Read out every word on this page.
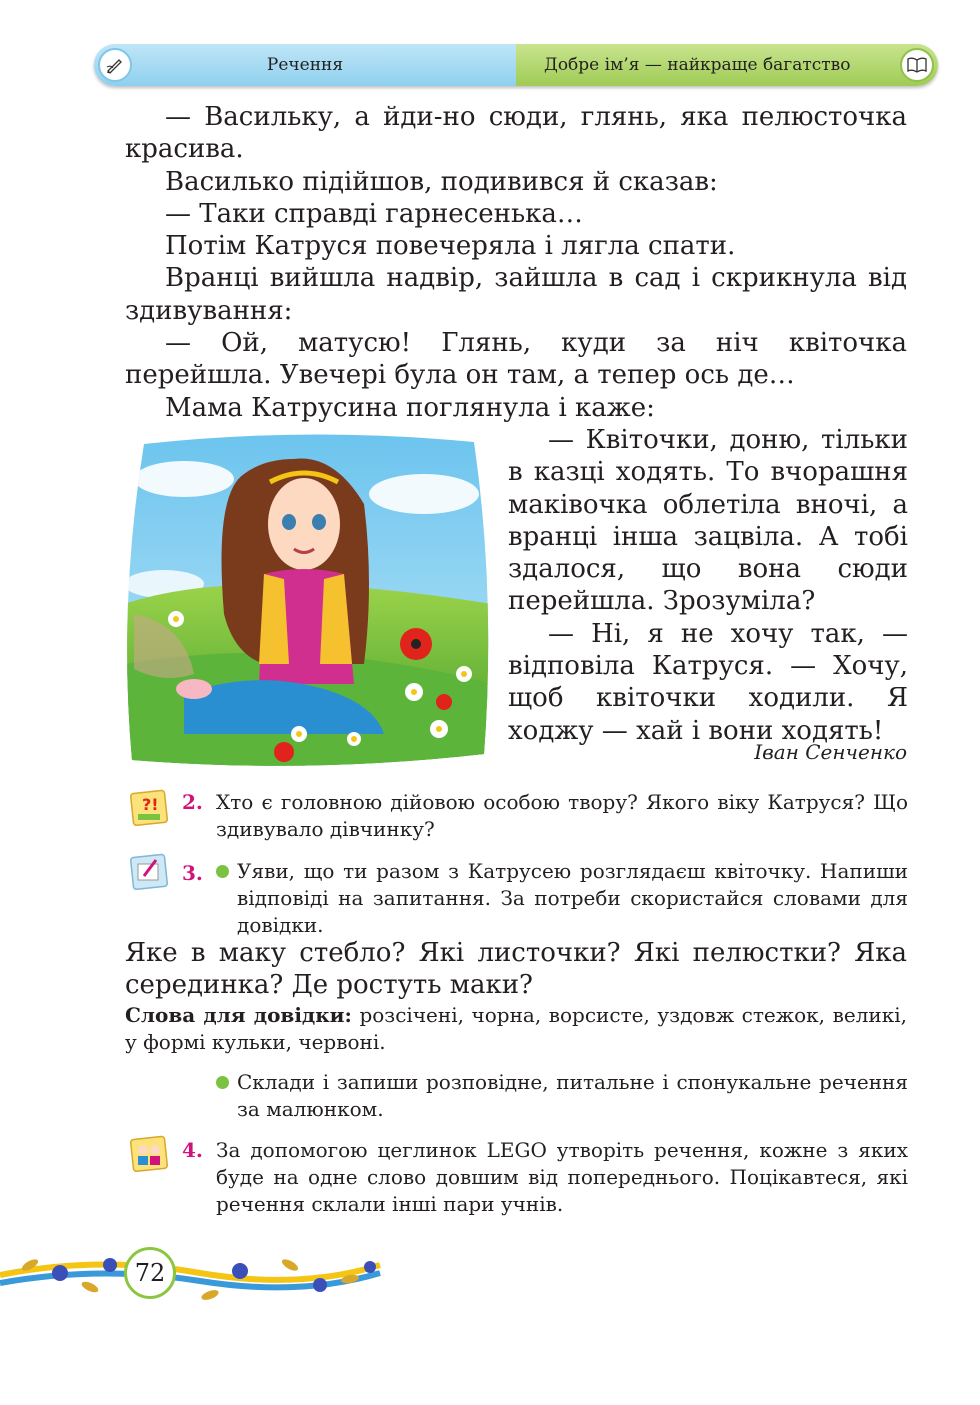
Речення	Добре ім’я — найкраще багатство

— Васильку, а йди-но сюди, глянь, яка пелюсточка красива.

Василько підійшов, подивився й сказав:

— Таки справді гарнесенька…

Потім Катруся повечеряла і лягла спати.

Вранці вийшла надвір, зайшла в сад і скрикнула від здивування:

— Ой, матусю! Глянь, куди за ніч квіточка перейшла. Увечері була он там, а тепер ось де…

Мама Катрусина поглянула і каже:

— Квіточки, доню, тільки в казці ходять. То вчорашня маківочка облетіла вночі, а вранці інша зацвіла. А тобі здалося, що вона сюди перейшла. Зрозуміла?

— Ні, я не хочу так, — відповіла Катруся. — Хочу, щоб квіточки ходили. Я ходжу — хай і вони ходять!

Іван Сенченко
?! 2. Хто є головною дійовою особою твору? Якого віку Катруся? Що здивувало дівчинку?
3. Уяви, що ти разом з Катрусею розглядаєш квіточку. Напиши відповіді на запитання. За потреби скористайся словами для довідки.
Яке в маку стебло? Які листочки? Які пелюстки? Яка серединка? Де ростуть маки?
Слова для довідки: розсічені, чорна, ворсисте, уздовж стежок, великі, у формі кульки, червоні.
Склади і запиши розповідне, питальне і спонукальне речення за малюнком.
4. За допомогою цеглинок LEGO утворіть речення, кожне з яких буде на одне слово довшим від попереднього. Поцікавтеся, які речення склали інші пари учнів.
72
